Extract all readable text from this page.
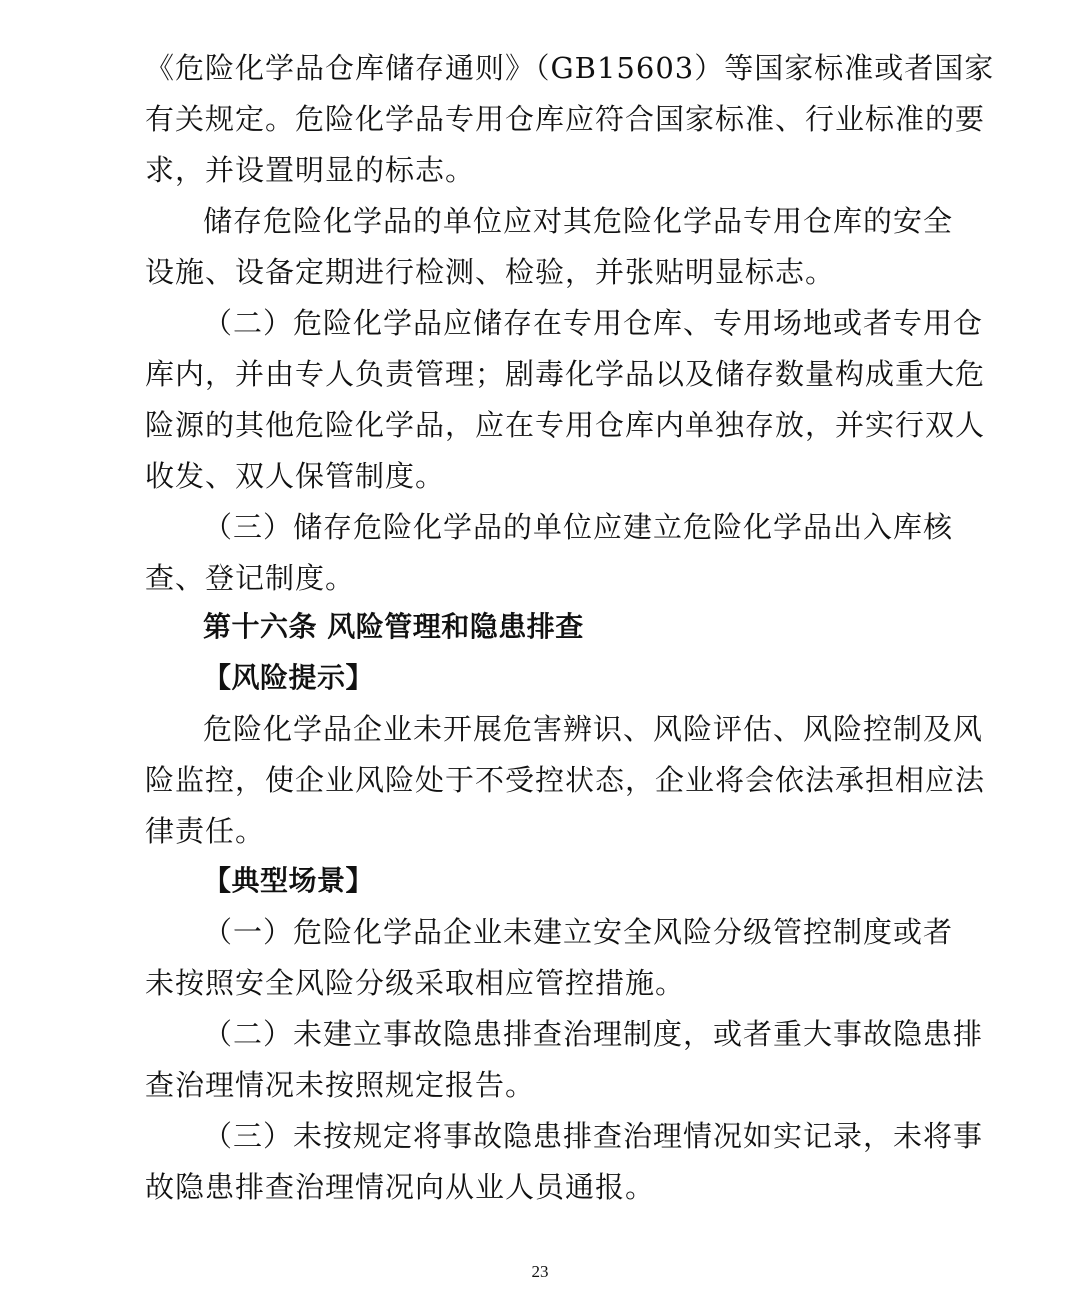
《危险化学品仓库储存通则》（GB15603）等国家标准或者国家
有关规定。危险化学品专用仓库应符合国家标准、行业标准的要
求，并设置明显的标志。
储存危险化学品的单位应对其危险化学品专用仓库的安全
设施、设备定期进行检测、检验，并张贴明显标志。
（二）危险化学品应储存在专用仓库、专用场地或者专用仓
库内，并由专人负责管理；剧毒化学品以及储存数量构成重大危
险源的其他危险化学品，应在专用仓库内单独存放，并实行双人
收发、双人保管制度。
（三）储存危险化学品的单位应建立危险化学品出入库核
查、登记制度。
第十六条 风险管理和隐患排查
【风险提示】
危险化学品企业未开展危害辨识、风险评估、风险控制及风
险监控，使企业风险处于不受控状态，企业将会依法承担相应法
律责任。
【典型场景】
（一）危险化学品企业未建立安全风险分级管控制度或者
未按照安全风险分级采取相应管控措施。
（二）未建立事故隐患排查治理制度，或者重大事故隐患排
查治理情况未按照规定报告。
（三）未按规定将事故隐患排查治理情况如实记录，未将事
故隐患排查治理情况向从业人员通报。
23
